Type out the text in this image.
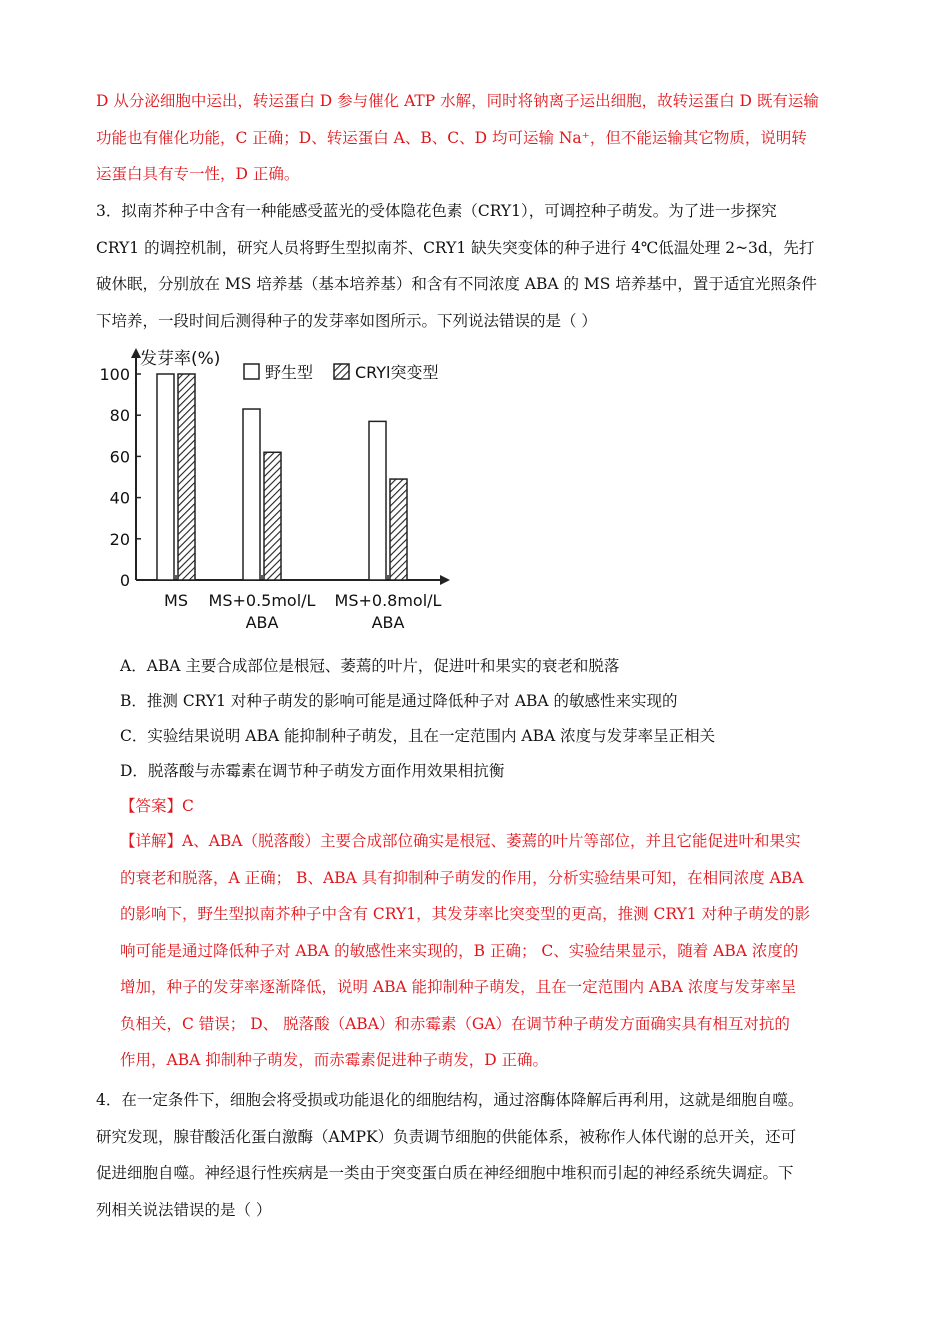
D 从分泌细胞中运出，转运蛋白 D 参与催化 ATP 水解，同时将钠离子运出细胞，故转运蛋白 D 既有运输
功能也有催化功能，C 正确；D、转运蛋白 A、B、C、D 均可运输 Na⁺，但不能运输其它物质，说明转
运蛋白具有专一性，D 正确。
3．拟南芥种子中含有一种能感受蓝光的受体隐花色素（CRY1），可调控种子萌发。为了进一步探究
CRY1 的调控机制，研究人员将野生型拟南芥、CRY1 缺失突变体的种子进行 4℃低温处理 2~3d，先打
破休眠，分别放在 MS 培养基（基本培养基）和含有不同浓度 ABA 的 MS 培养基中，置于适宜光照条件
下培养，一段时间后测得种子的发芽率如图所示。下列说法错误的是（ ）
100
80
60
40
20
0
发芽率(%)
MS MS+0.5mol/L
ABA
MS+0.8mol/L
ABA
野生型	CRYl突变型
A．ABA 主要合成部位是根冠、萎蔫的叶片，促进叶和果实的衰老和脱落
B．推测 CRY1 对种子萌发的影响可能是通过降低种子对 ABA 的敏感性来实现的
C．实验结果说明 ABA 能抑制种子萌发，且在一定范围内 ABA 浓度与发芽率呈正相关
D．脱落酸与赤霉素在调节种子萌发方面作用效果相抗衡
【答案】C
【详解】A、ABA（脱落酸）主要合成部位确实是根冠、萎蔫的叶片等部位，并且它能促进叶和果实
的衰老和脱落，A 正确； B、ABA 具有抑制种子萌发的作用，分析实验结果可知，在相同浓度 ABA
的影响下，野生型拟南芥种子中含有 CRY1，其发芽率比突变型的更高，推测 CRY1 对种子萌发的影
响可能是通过降低种子对 ABA 的敏感性来实现的，B 正确； C、实验结果显示，随着 ABA 浓度的
增加，种子的发芽率逐渐降低，说明 ABA 能抑制种子萌发，且在一定范围内 ABA 浓度与发芽率呈
负相关，C 错误； D、 脱落酸（ABA）和赤霉素（GA）在调节种子萌发方面确实具有相互对抗的
作用，ABA 抑制种子萌发，而赤霉素促进种子萌发，D 正确。
4．在一定条件下，细胞会将受损或功能退化的细胞结构，通过溶酶体降解后再利用，这就是细胞自噬。
研究发现，腺苷酸活化蛋白激酶（AMPK）负责调节细胞的供能体系，被称作人体代谢的总开关，还可
促进细胞自噬。神经退行性疾病是一类由于突变蛋白质在神经细胞中堆积而引起的神经系统失调症。下
列相关说法错误的是（ ）
